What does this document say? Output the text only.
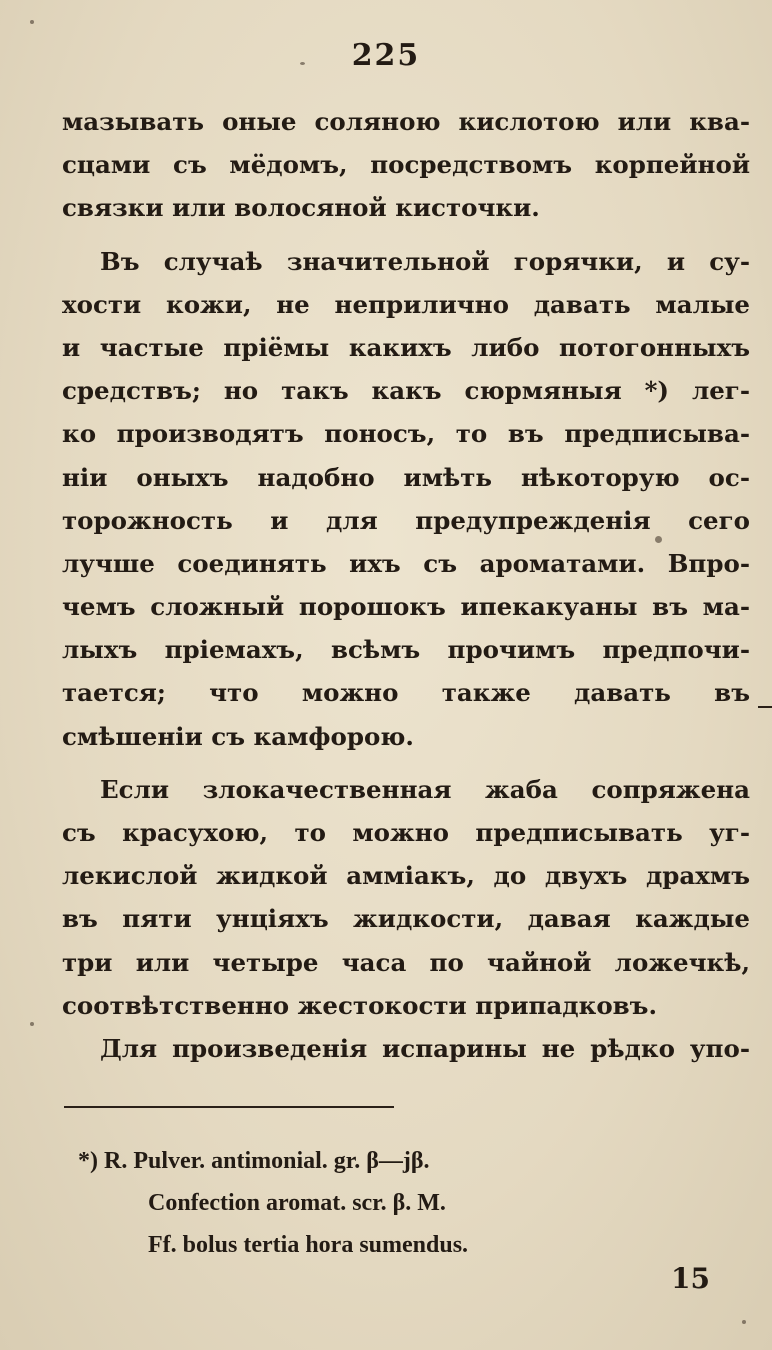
225
мазывать оные соляною кислотою или ква-
сцами съ мёдомъ, посредствомъ корпейной
связки или волосяной кисточки.
Въ случаѣ значительной горячки, и су-
хости кожи, не неприлично давать малые
и частые пріёмы какихъ либо потогонныхъ
средствъ; но такъ какъ сюрмяныя *) лег-
ко производятъ поносъ, то въ предписыва-
ніи оныхъ надобно имѣть нѣкоторую ос-
торожность и для предупрежденія сего
лучше соединять ихъ съ ароматами. Впро-
чемъ сложный порошокъ ипекакуаны въ ма-
лыхъ пріемахъ, всѣмъ прочимъ предпочи-
тается; что можно также давать въ
смѣшеніи съ камфорою.
Если злокачественная жаба сопряжена
съ красухою, то можно предписывать уг-
лекислой жидкой амміакъ, до двухъ драхмъ
въ пяти унціяхъ жидкости, давая каждые
три или четыре часа по чайной ложечкѣ,
соотвѣтственно жестокости припадковъ.
Для произведенія испарины не рѣдко упо-
*) R. Pulver. antimonial. gr. β—jβ.
Confection aromat. scr. β. M.
Ff. bolus tertia hora sumendus.
15
